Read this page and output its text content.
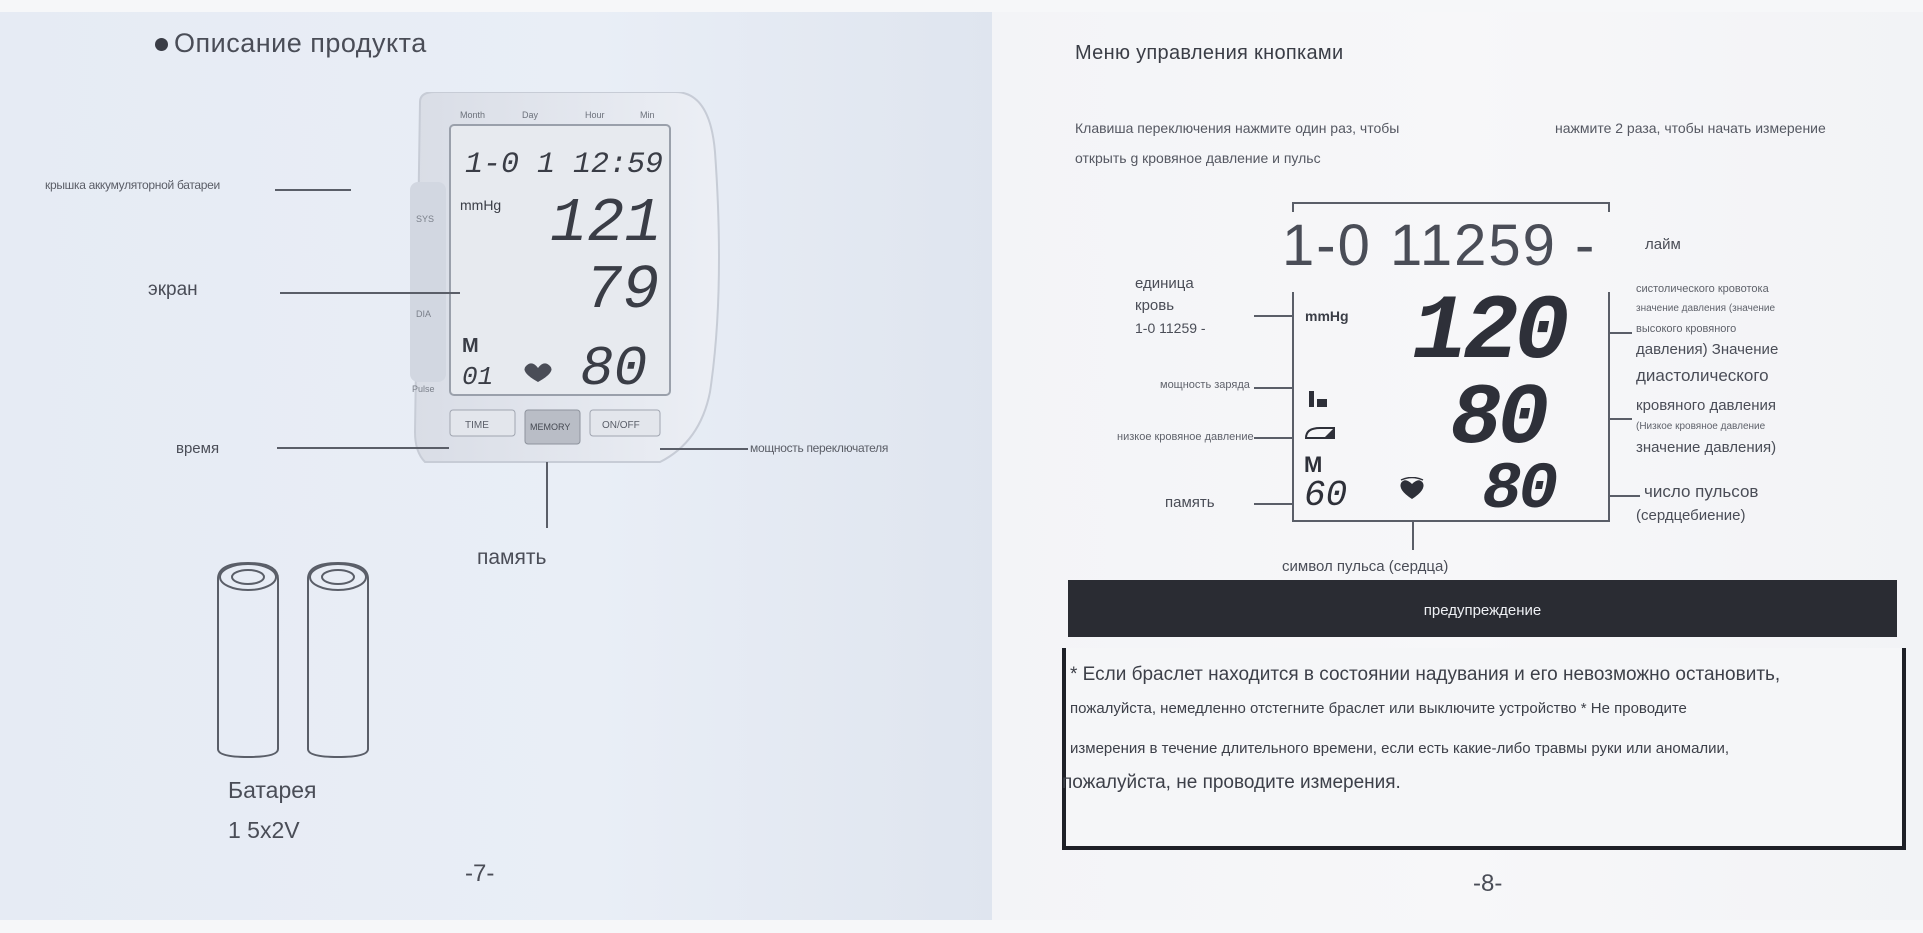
Описание продукта
Month	Day	Hour	Min
SYS
DIA
Pulse
1-0 1 12:59
mmHg 121
79
M
01 80
TIME	MEMORY	ON/OFF
крышка аккумуляторной батареи
экран
время	мощность переключателя
память
Батарея
1 5x2V
-7-
Меню управления кнопками
Клавиша переключения нажмите один раз, чтобы
открыть g кровяное давление и пульс
нажмите 2 раза, чтобы начать измерение
1-0 11259 -	лайм
mmHg 120
80
M
60 80
символ пульса (сердца)
единица
кровь
1-0 11259 -
мощность заряда
низкое кровяное давление
память
систолического кровотока
значение давления (значение
высокого кровяного
давления) Значение
диастолического
кровяного давления
(Низкое кровяное давление
значение давления)
число пульсов
(сердцебиение)
предупреждение
* Если браслет находится в состоянии надувания и его невозможно остановить,
пожалуйста, немедленно отстегните браслет или выключите устройство * Не проводите
измерения в течение длительного времени, если есть какие-либо травмы руки или аномалии,
пожалуйста, не проводите измерения.
-8-
